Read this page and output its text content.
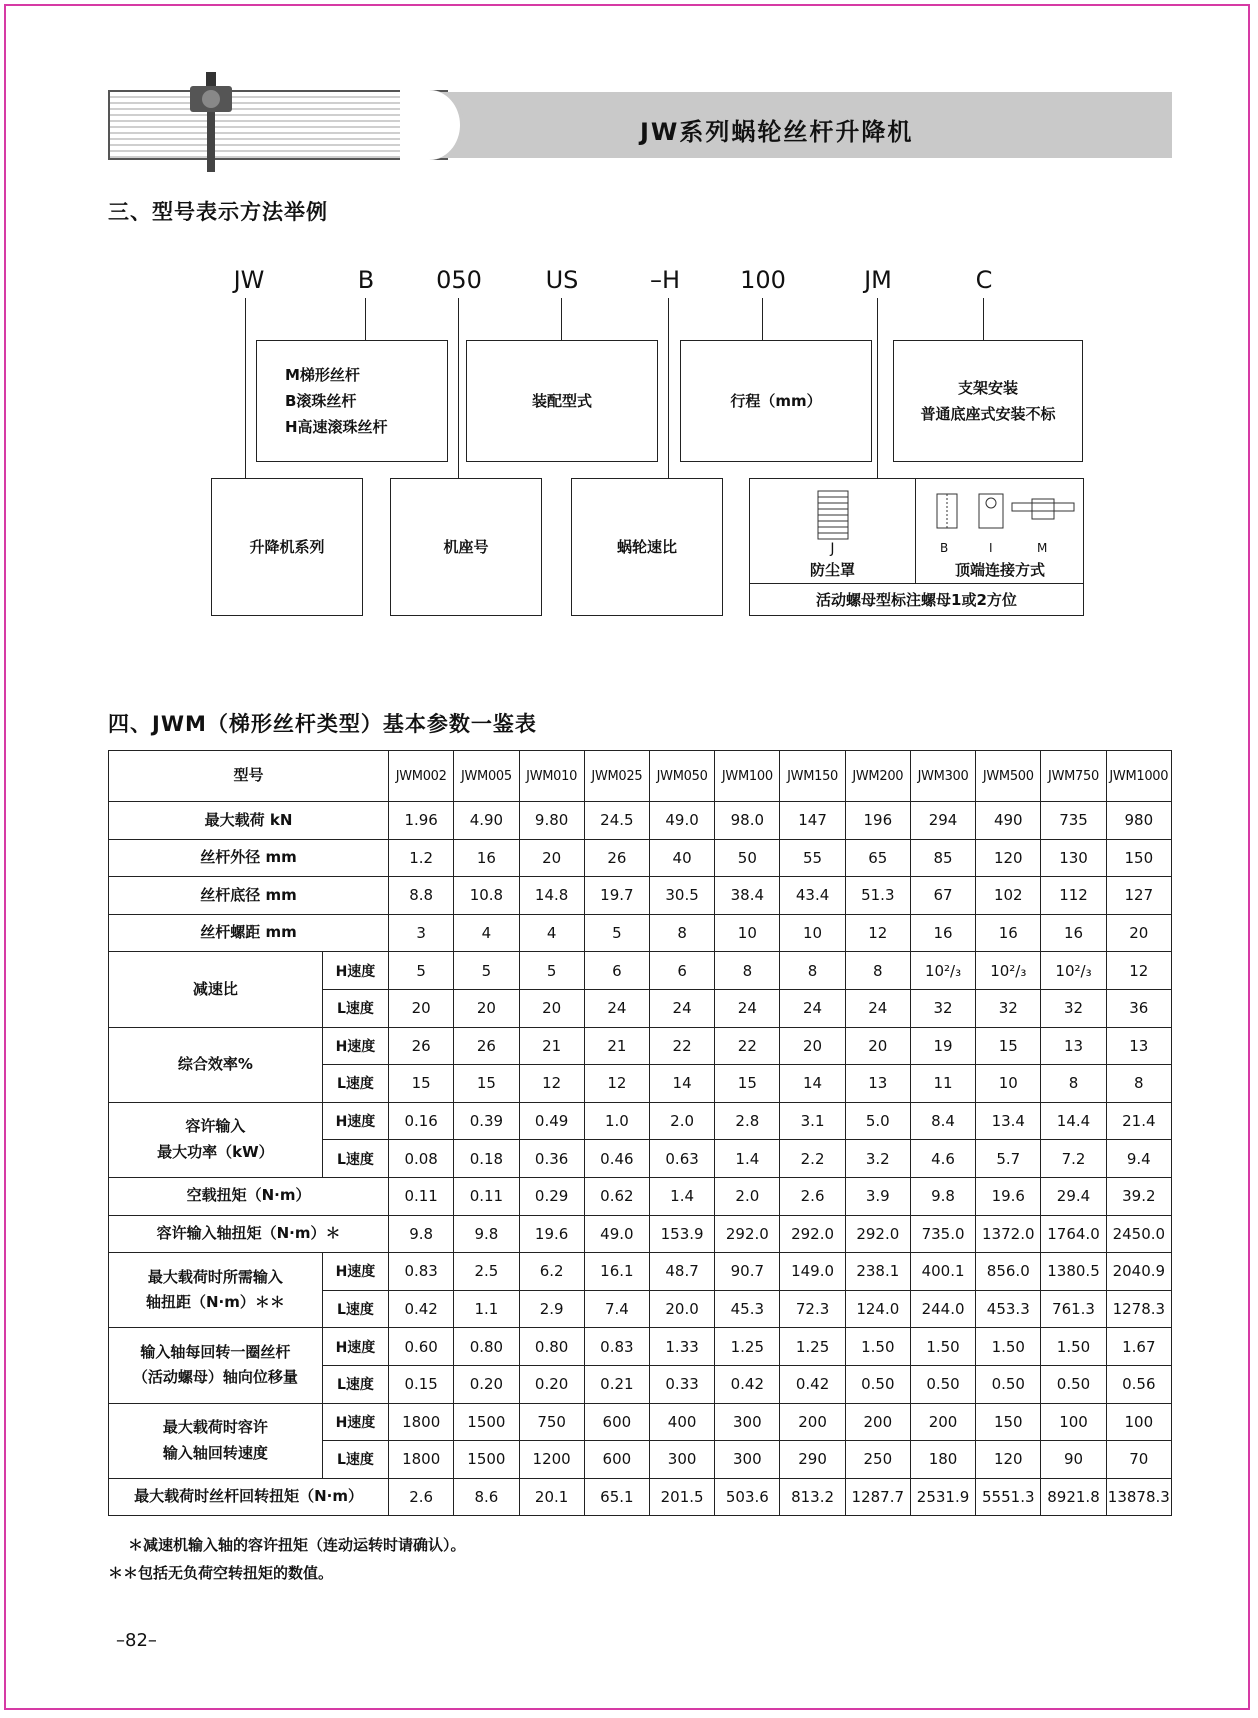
JW系列蜗轮丝杆升降机
三、型号表示方法举例
JW	B	050	US	–H	100	JM	C
M梯形丝杆
B滚珠丝杆
H高速滚珠丝杆
装配型式	行程（mm）
支架安装
普通底座式安装不标
升降机系列	机座号	蜗轮速比	J
防尘罩
B	I	M
顶端连接方式
活动螺母型标注螺母1或2方位
四、JWM（梯形丝杆类型）基本参数一鉴表
型号		JWM002	JWM005	JWM010	JWM025	JWM050	JWM100	JWM150	JWM200	JWM300	JWM500	JWM750	JWM1000
最大载荷 kN		1.96	4.90	9.80	24.5	49.0	98.0	147	196	294	490	735	980
丝杆外径 mm		1.2	16	20	26	40	50	55	65	85	120	130	150
丝杆底径 mm		8.8	10.8	14.8	19.7	30.5	38.4	43.4	51.3	67	102	112	127
丝杆螺距 mm		3	4	4	5	8	10	10	12	16	16	16	20
减速比	H速度	5	5	5	6	6	8	8	8	10²/₃	10²/₃	10²/₃	12
	L速度	20	20	20	24	24	24	24	24	32	32	32	36
综合效率%	H速度	26	26	21	21	22	22	20	20	19	15	13	13
	L速度	15	15	12	12	14	15	14	13	11	10	8	8

容许输入
最大功率（kW）	H速度	0.16	0.39	0.49	1.0	2.0	2.8	3.1	5.0	8.4	13.4	14.4	21.4
	L速度	0.08	0.18	0.36	0.46	0.63	1.4	2.2	3.2	4.6	5.7	7.2	9.4
空载扭矩（N·m）		0.11	0.11	0.29	0.62	1.4	2.0	2.6	3.9	9.8	19.6	29.4	39.2
容许输入轴扭矩（N·m）＊		9.8	9.8	19.6	49.0	153.9	292.0	292.0	292.0	735.0	1372.0	1764.0	2450.0

最大载荷时所需输入
轴扭距（N·m）＊＊	H速度	0.83	2.5	6.2	16.1	48.7	90.7	149.0	238.1	400.1	856.0	1380.5	2040.9
	L速度	0.42	1.1	2.9	7.4	20.0	45.3	72.3	124.0	244.0	453.3	761.3	1278.3

输入轴每回转一圈丝杆
（活动螺母）轴向位移量	H速度	0.60	0.80	0.80	0.83	1.33	1.25	1.25	1.50	1.50	1.50	1.50	1.67
	L速度	0.15	0.20	0.20	0.21	0.33	0.42	0.42	0.50	0.50	0.50	0.50	0.56

最大载荷时容许
输入轴回转速度	H速度	1800	1500	750	600	400	300	200	200	200	150	100	100
	L速度	1800	1500	1200	600	300	300	290	250	180	120	90	70
最大载荷时丝杆回转扭矩（N·m）		2.6	8.6	20.1	65.1	201.5	503.6	813.2	1287.7	2531.9	5551.3	8921.8	13878.3
＊减速机输入轴的容许扭矩（连动运转时请确认）。
＊＊包括无负荷空转扭矩的数值。
–82–
